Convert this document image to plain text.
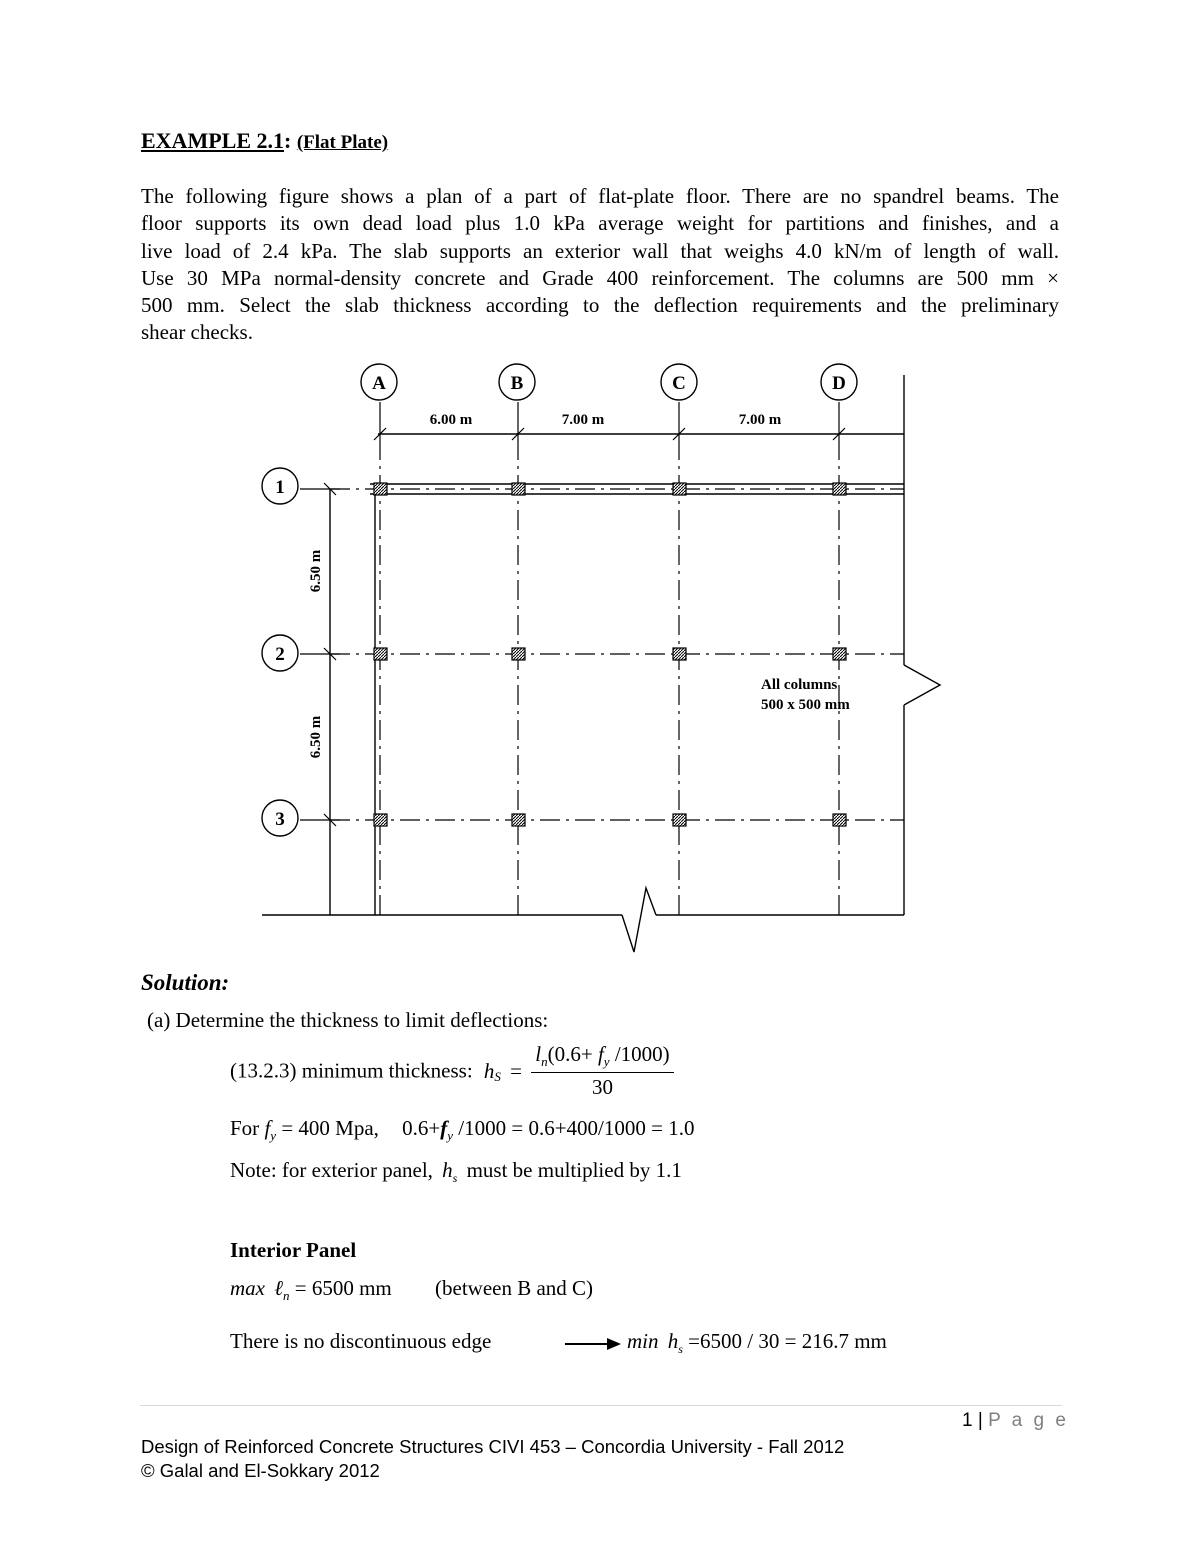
EXAMPLE 2.1: (Flat Plate)
The following figure shows a plan of a part of flat-plate floor. There are no spandrel beams. The
floor supports its own dead load plus 1.0 kPa average weight for partitions and finishes, and a
live load of 2.4 kPa. The slab supports an exterior wall that weighs 4.0 kN/m of length of wall.
Use 30 MPa normal-density concrete and Grade 400 reinforcement. The columns are 500 mm ×
500 mm. Select the slab thickness according to the deflection requirements and the preliminary
shear checks.
A	B	C	D
1
2
3
6.00 m	7.00 m	7.00 m
6.50 m
6.50 m
All columns
500 x 500 mm
Solution:
(a) Determine the thickness to limit deflections:
(13.2.3) minimum thickness: $h_S = \frac{l_n(0.6+ f_y /1000)}{30}$
For $f_y = 400$ Mpa, $0.6+f_y$ /1000 = 0.6+400/1000 = 1.0
Note: for exterior panel, $h_s$ must be multiplied by 1.1
Interior Panel
max ℓ$_n$ = 6500 mm (between B and C)
There is no discontinuous edge	$\min h_s =6500 / 30 = 216.7$ mm
1 | P a g e
Design of Reinforced Concrete Structures CIVI 453 – Concordia University - Fall 2012
© Galal and El-Sokkary 2012
